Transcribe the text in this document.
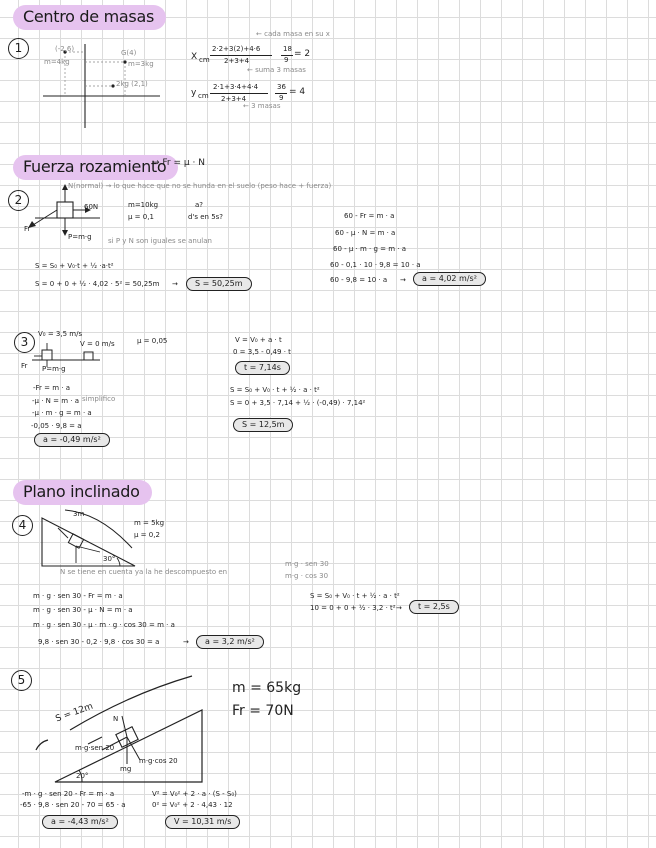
Centro de masas
1	(-2,6)	G(4)
2kg (2,1)
m=4kg	m=3kg
X cm
2·2+3(2)+4·6
2+3+4
18
9
= 2
← cada masa en su x
← suma 3 masas
y cm
2·1+3·4+4·4
2+3+4
36
9
= 4
← 3 masas
Fuerza rozamiento
→ Fr = μ · N
2
N(normal) → lo que hace que no se hunda en el suelo (peso hace + fuerza)
60N
P=m·g
Fr
m=10kg
μ = 0,1
a?
d's en 5s?
si P y N son iguales se anulan
S = S₀ + V₀·t + ½ ·a·t²
S = 0 + 0 + ½ · 4,02 · 5² = 50,25m →	S = 50,25m
60 - Fr = m · a
60 - μ · N = m · a
60 - μ · m · g = m · a
60 - 0,1 · 10 · 9,8 = 10 · a
60 - 9,8 = 10 · a →	a = 4,02 m/s²
3
V₀ = 3,5 m/s
V = 0 m/s	μ = 0,05
Fr P=m·g
-Fr = m · a
-μ · N = m · a simplifico
-μ · m · g = m · a
-0,05 · 9,8 = a
a = -0,49 m/s²
V = V₀ + a · t
0 = 3,5 - 0,49 · t
t = 7,14s
S = S₀ + V₀ · t + ½ · a · t²
S = 0 + 3,5 · 7,14 + ½ · (-0,49) · 7,14²
S = 12,5m
Plano inclinado
4
3m
30°
m = 5kg
μ = 0,2
N se tiene en cuenta ya la he descompuesto en
m·g · sen 30
m·g · cos 30
m · g · sen 30 - Fr = m · a
m · g · sen 30 - μ · N = m · a
m · g · sen 30 - μ · m · g · cos 30 = m · a
9,8 · sen 30 - 0,2 · 9,8 · cos 30 = a	→	a = 3,2 m/s²
S = S₀ + V₀ · t + ½ · a · t²
10 = 0 + 0 + ½ · 3,2 · t² →	t = 2,5s
5
S = 12m	N
mg
m·g·sen 20
m·g·cos 20
20°
m = 65kg
Fr = 70N
-m · g · sen 20 - Fr = m · a
-65 · 9,8 · sen 20 - 70 = 65 · a
a = -4,43 m/s²
V² = V₀² + 2 · a · (S - S₀)
0² = V₀² + 2 · 4,43 · 12
V = 10,31 m/s
